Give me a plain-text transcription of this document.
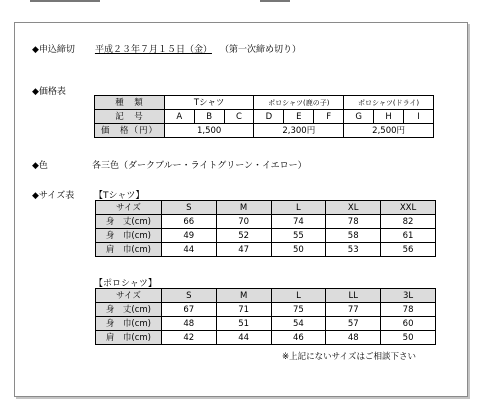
◆申込締切 平成２３年７月１５日（金） （第一次締め切り）
◆価格表
種　類	Tシャツ			ポロシャツ(鹿の子)			ポロシャツ(ドライ)		
記　号	A	B	C	D	E	F	G	H	I
価　格（円）	1,500			2,300円			2,500円		
◆色	各三色（ダークブルー・ライトグリーン・イエロー）
◆サイズ表 【Tシャツ】
サイズ	S	M	L	XL	XXL
身　丈(cm)	66	70	74	78	82
身　巾(cm)	49	52	55	58	61
肩　巾(cm)	44	47	50	53	56
【ポロシャツ】
サイズ	S	M	L	LL	3L
身　丈(cm)	67	71	75	77	78
身　巾(cm)	48	51	54	57	60
肩　巾(cm)	42	44	46	48	50
※上記にないサイズはご相談下さい
